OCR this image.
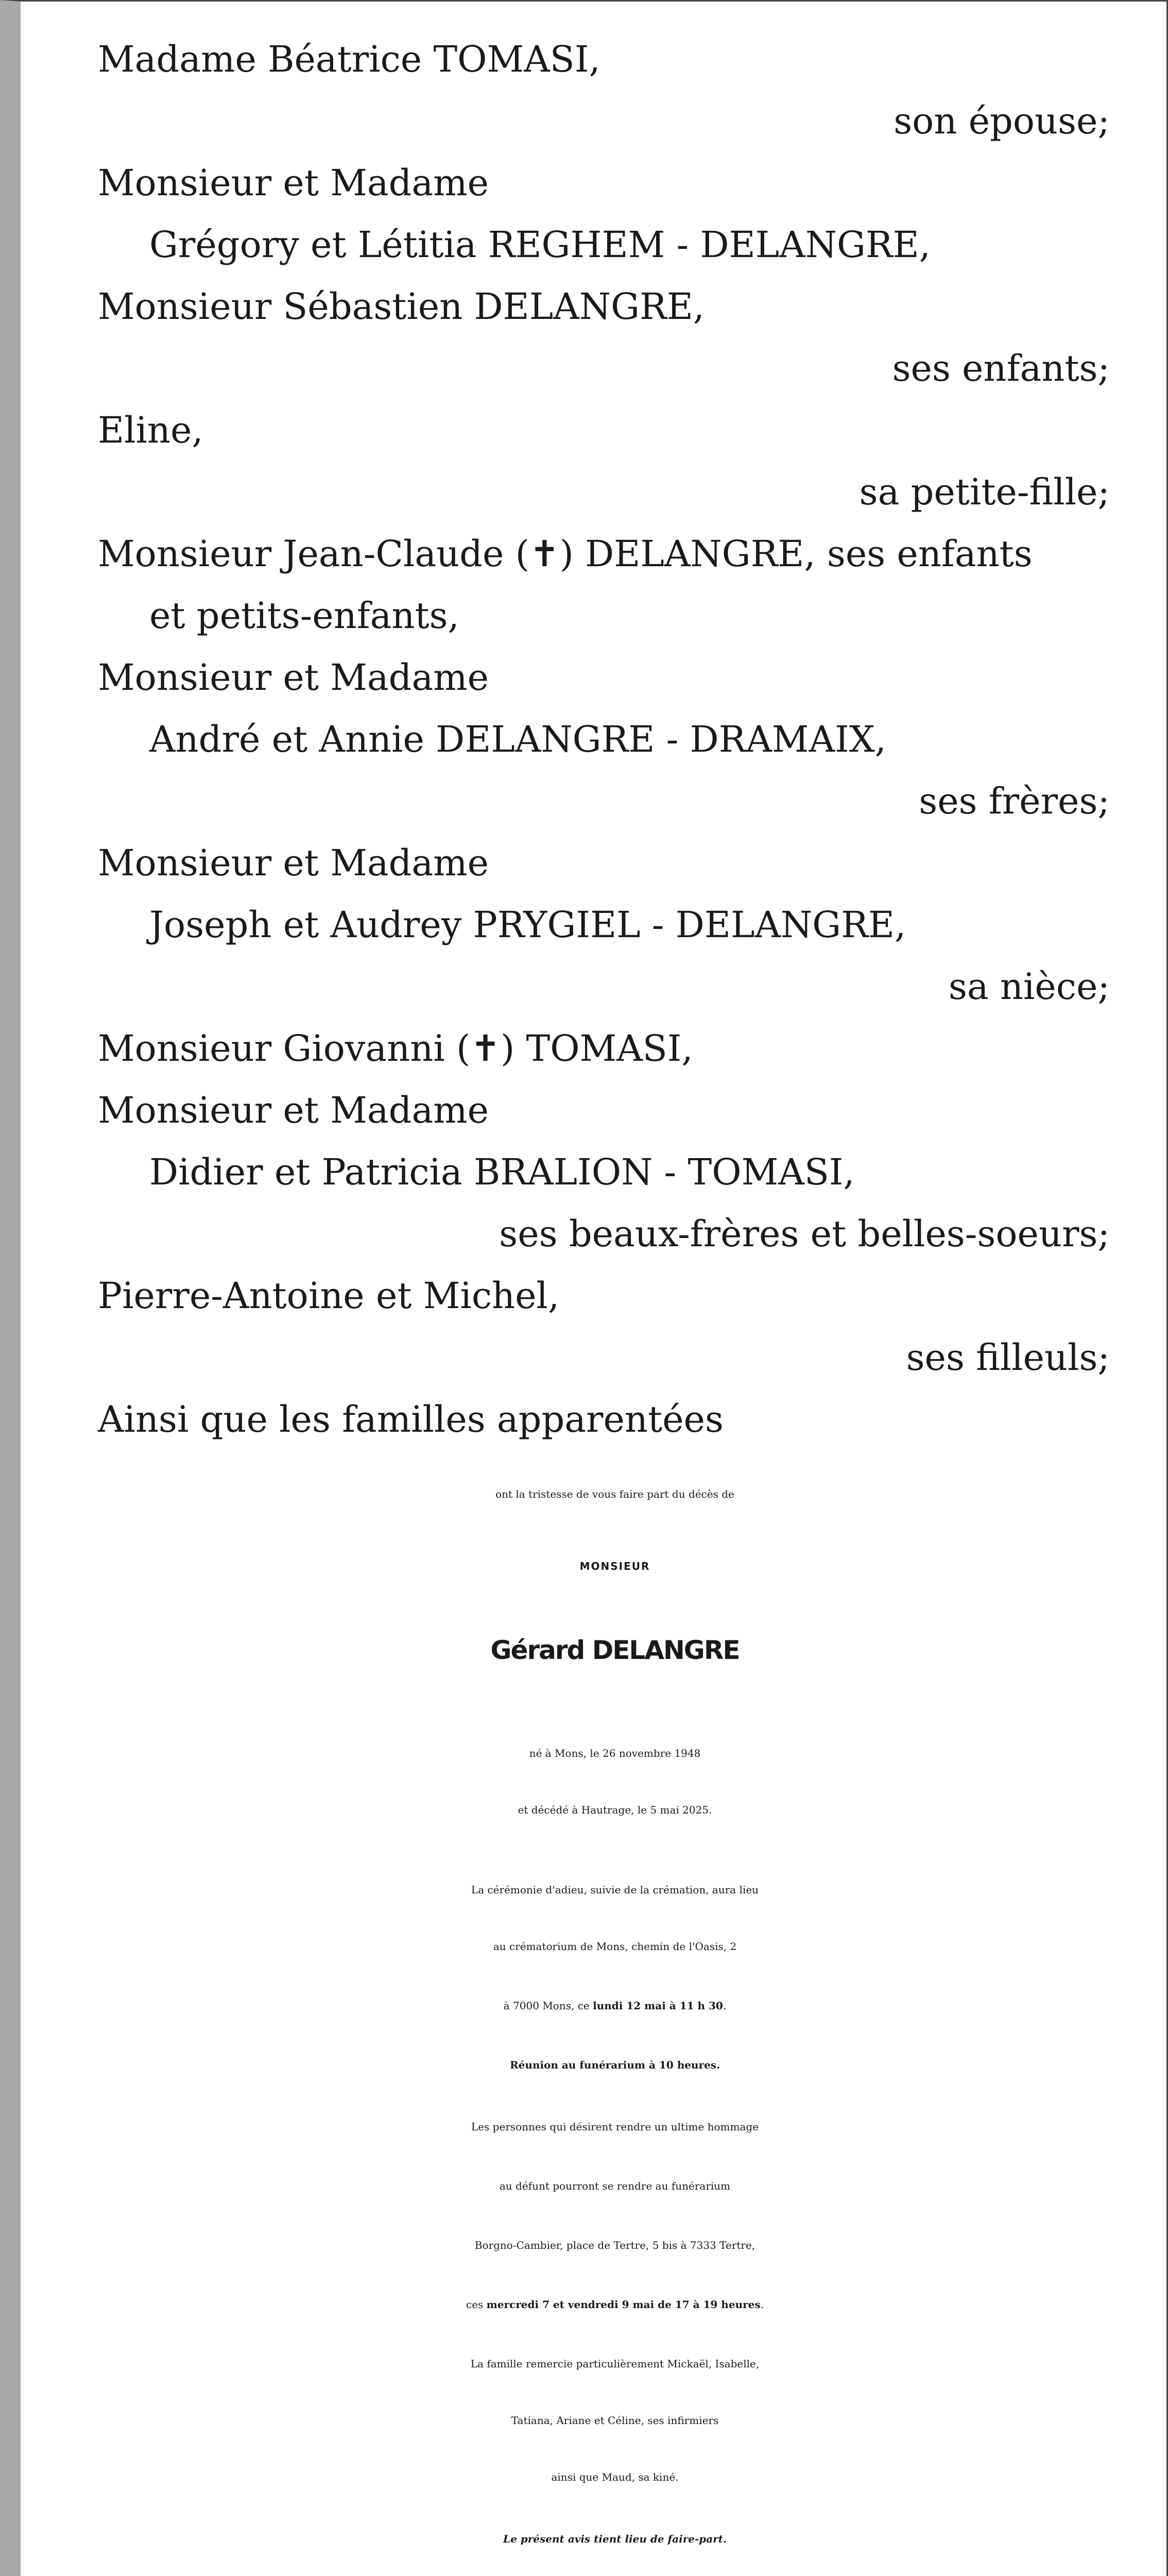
Madame Béatrice TOMASI,
son épouse;
Monsieur et Madame
Grégory et Létitia REGHEM - DELANGRE,
Monsieur Sébastien DELANGRE,
ses enfants;
Eline,
sa petite-fille;
Monsieur Jean-Claude (✝) DELANGRE, ses enfants
et petits-enfants,
Monsieur et Madame
André et Annie DELANGRE - DRAMAIX,
ses frères;
Monsieur et Madame
Joseph et Audrey PRYGIEL - DELANGRE,
sa nièce;
Monsieur Giovanni (✝) TOMASI,
Monsieur et Madame
Didier et Patricia BRALION - TOMASI,
ses beaux-frères et belles-soeurs;
Pierre-Antoine et Michel,
ses filleuls;
Ainsi que les familles apparentées
ont la tristesse de vous faire part du décès de
MONSIEUR
Gérard DELANGRE
né à Mons, le 26 novembre 1948
et décédé à Hautrage, le 5 mai 2025.
La cérémonie d'adieu, suivie de la crémation, aura lieu
au crématorium de Mons, chemin de l'Oasis, 2
à 7000 Mons, ce lundi 12 mai à 11 h 30.
Réunion au funérarium à 10 heures.
Les personnes qui désirent rendre un ultime hommage
au défunt pourront se rendre au funérarium
Borgno-Cambier, place de Tertre, 5 bis à 7333 Tertre,
ces mercredi 7 et vendredi 9 mai de 17 à 19 heures.
La famille remercie particulièrement Mickaël, Isabelle,
Tatiana, Ariane et Céline, ses infirmiers
ainsi que Maud, sa kiné.
Le présent avis tient lieu de faire-part.
